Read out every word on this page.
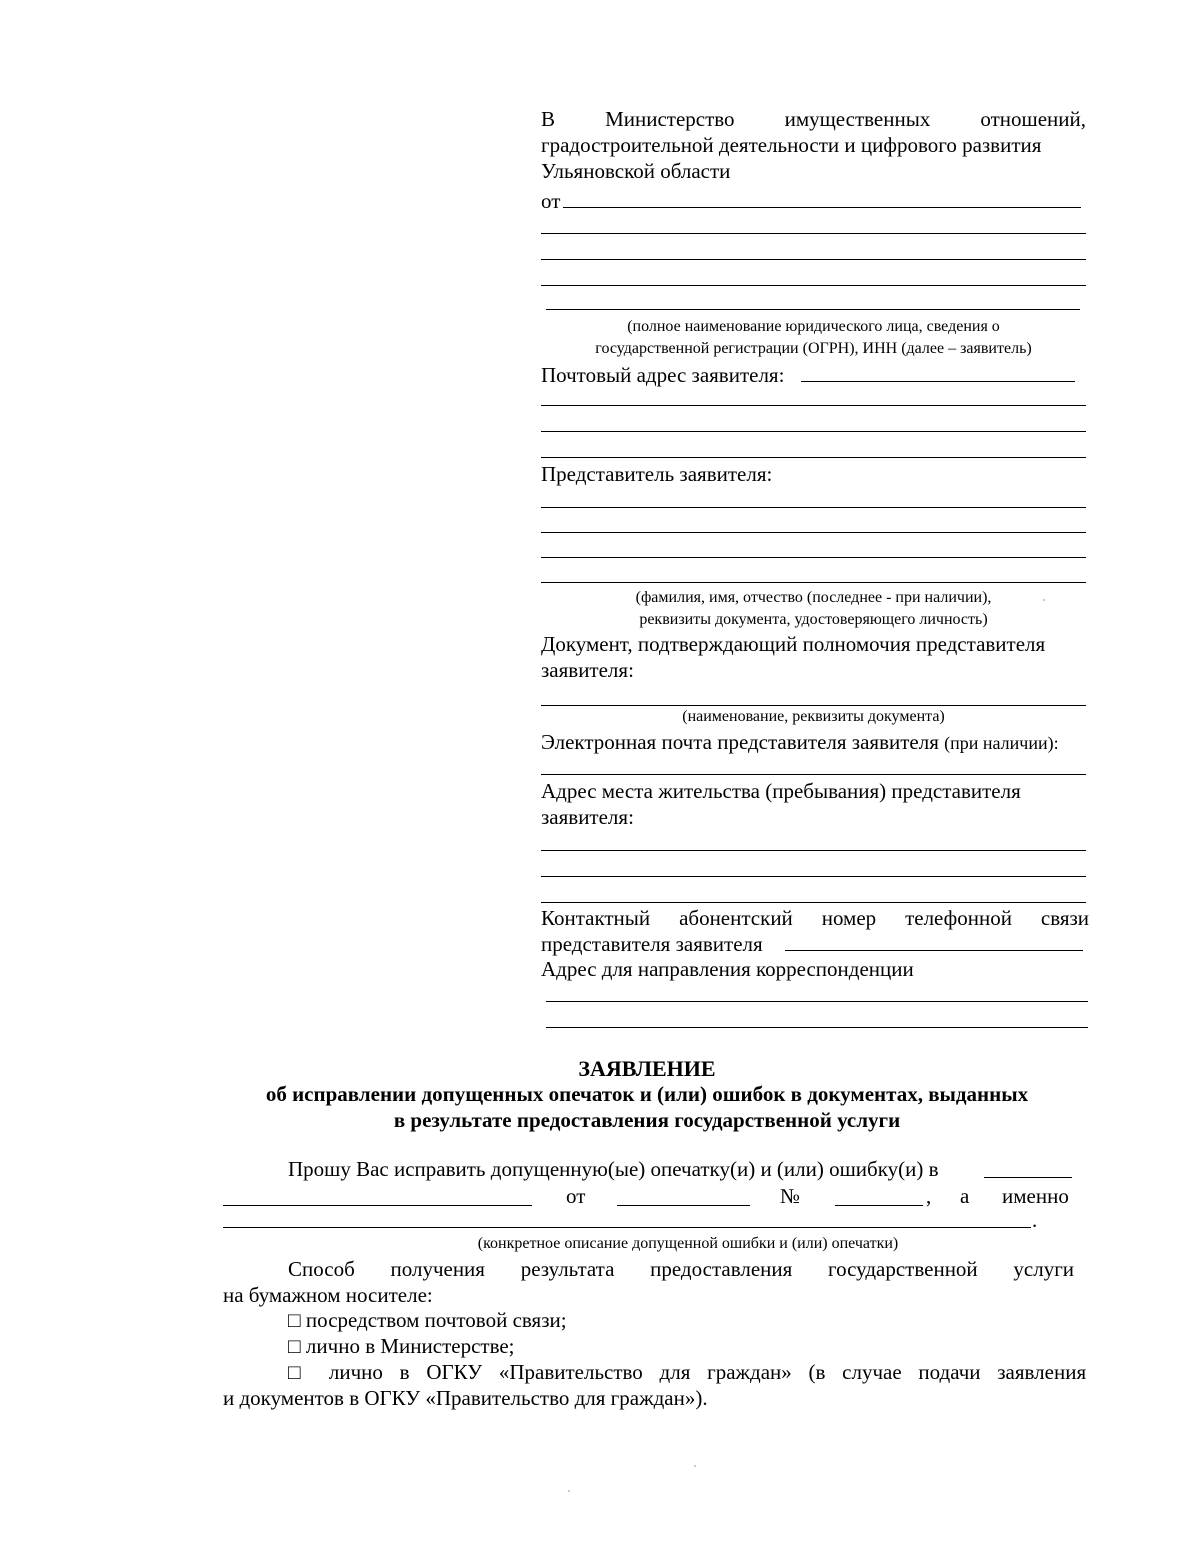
В Министерство имущественных отношений,
градостроительной деятельности и цифрового развития
Ульяновской области
от
(полное наименование юридического лица, сведения о
государственной регистрации (ОГРН), ИНН (далее – заявитель)
Почтовый адрес заявителя:
Представитель заявителя:
(фамилия, имя, отчество (последнее - при наличии),
реквизиты документа, удостоверяющего личность)
Документ, подтверждающий полномочия представителя
заявителя:
(наименование, реквизиты документа)
Электронная почта представителя заявителя (при наличии):
Адрес места жительства (пребывания) представителя
заявителя:
Контактный абонентский номер телефонной связи
представителя заявителя
Адрес для направления корреспонденции
ЗАЯВЛЕНИЕ
об исправлении допущенных опечаток и (или) ошибок в документах, выданных
в результате предоставления государственной услуги
Прошу Вас исправить допущенную(ые) опечатку(и) и (или) ошибку(и) в
от	№	, а именно
.
(конкретное описание допущенной ошибки и (или) опечатки)
Способ получения результата предоставления государственной услуги
на бумажном носителе:
□ посредством почтовой связи;
□ лично в Министерстве;
□ лично в ОГКУ «Правительство для граждан» (в случае подачи заявления
и документов в ОГКУ «Правительство для граждан»).
